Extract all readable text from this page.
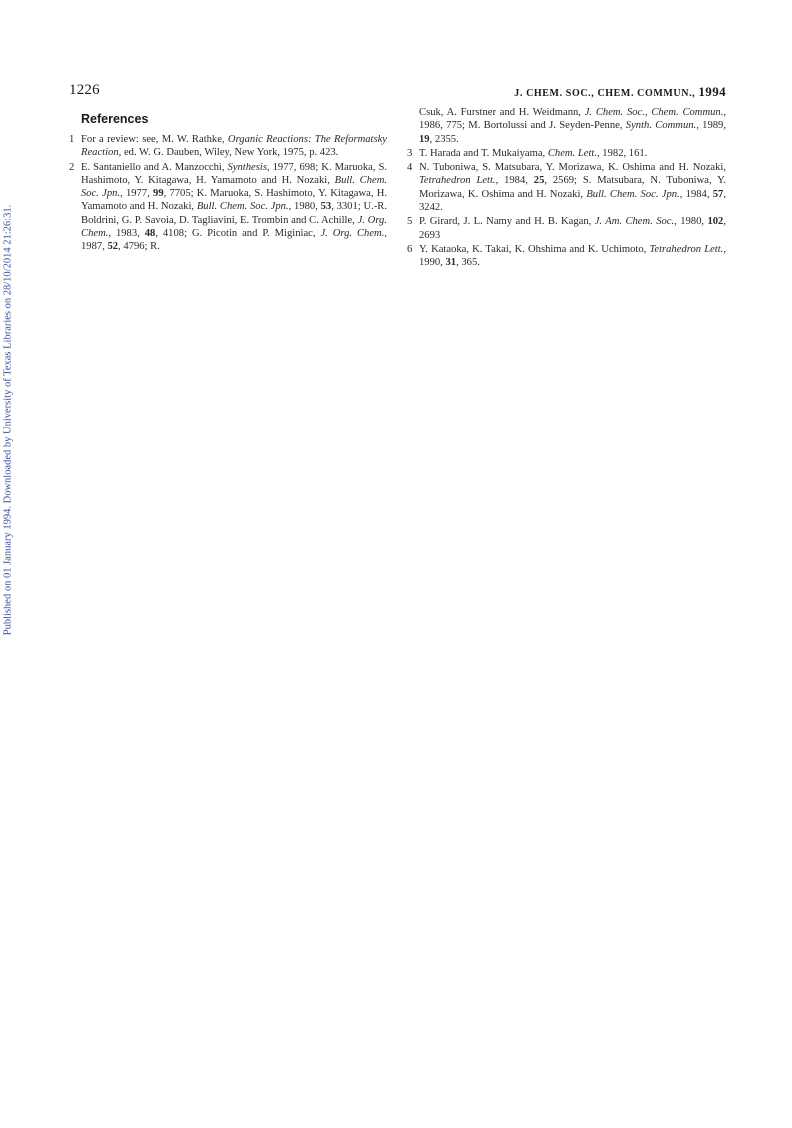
1226	J. CHEM. SOC., CHEM. COMMUN., 1994
Published on 01 January 1994. Downloaded by University of Texas Libraries on 28/10/2014 21:26:31.
References
1 For a review: see, M. W. Rathke, Organic Reactions: The Reformatsky Reaction, ed. W. G. Dauben, Wiley, New York, 1975, p. 423.
2 E. Santaniello and A. Manzocchi, Synthesis, 1977, 698; K. Maruoka, S. Hashimoto, Y. Kitagawa, H. Yamamoto and H. Nozaki, Bull. Chem. Soc. Jpn., 1977, 99, 7705; K. Maruoka, S. Hashimoto, Y. Kitagawa, H. Yamamoto and H. Nozaki, Bull. Chem. Soc. Jpn., 1980, 53, 3301; U.-R. Boldrini, G. P. Savoia, D. Tagliavini, E. Trombin and C. Achille, J. Org. Chem., 1983, 48, 4108; G. Picotin and P. Miginiac, J. Org. Chem., 1987, 52, 4796; R.
Csuk, A. Furstner and H. Weidmann, J. Chem. Soc., Chem. Commun., 1986, 775; M. Bortolussi and J. Seyden-Penne, Synth. Commun., 1989, 19, 2355.
3 T. Harada and T. Mukaiyama, Chem. Lett., 1982, 161.
4 N. Tuboniwa, S. Matsubara, Y. Morizawa, K. Oshima and H. Nozaki, Tetrahedron Lett., 1984, 25, 2569; S. Matsubara, N. Tuboniwa, Y. Morizawa, K. Oshima and H. Nozaki, Bull. Chem. Soc. Jpn., 1984, 57, 3242.
5 P. Girard, J. L. Namy and H. B. Kagan, J. Am. Chem. Soc., 1980, 102, 2693
6 Y. Kataoka, K. Takai, K. Ohshima and K. Uchimoto, Tetrahedron Lett., 1990, 31, 365.
